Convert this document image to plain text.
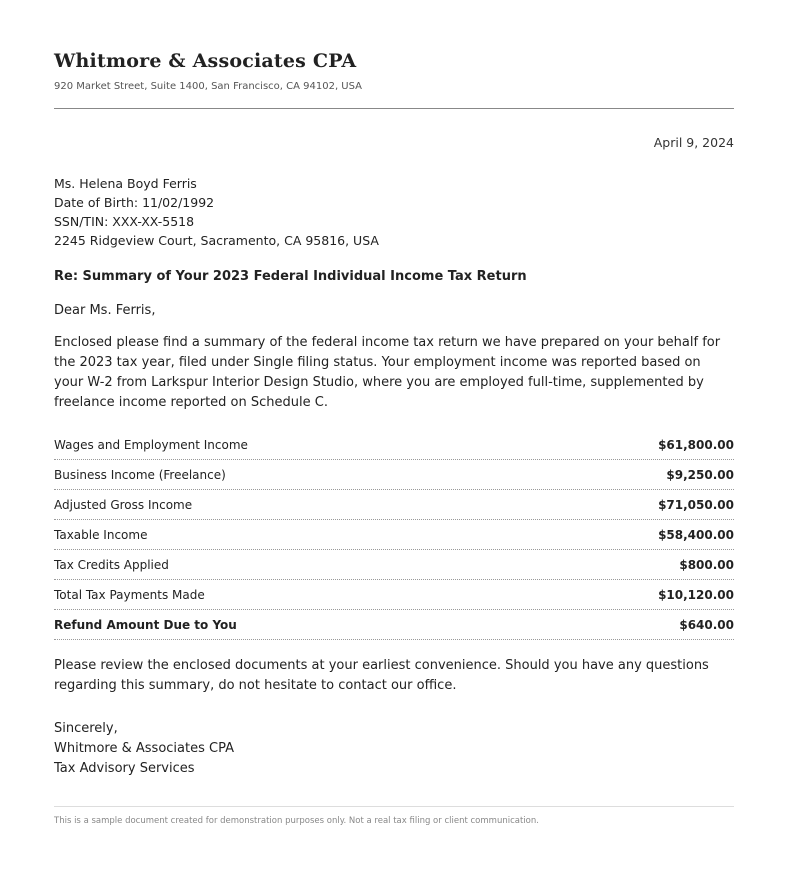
Whitmore & Associates CPA
920 Market Street, Suite 1400, San Francisco, CA 94102, USA
April 9, 2024
Ms. Helena Boyd Ferris
Date of Birth: 11/02/1992
SSN/TIN: XXX-XX-5518
2245 Ridgeview Court, Sacramento, CA 95816, USA
Re: Summary of Your 2023 Federal Individual Income Tax Return
Dear Ms. Ferris,

Enclosed please find a summary of the federal income tax return we have prepared on your behalf for the 2023 tax year, filed under Single filing status. Your employment income was reported based on your W-2 from Larkspur Interior Design Studio, where you are employed full-time, supplemented by freelance income reported on Schedule C.

Wages and Employment Income	$61,800.00
Business Income (Freelance)	$9,250.00
Adjusted Gross Income	$71,050.00
Taxable Income	$58,400.00
Tax Credits Applied	$800.00
Total Tax Payments Made	$10,120.00
Refund Amount Due to You	$640.00

Please review the enclosed documents at your earliest convenience. Should you have any questions regarding this summary, do not hesitate to contact our office.

Sincerely,
Whitmore & Associates CPA
Tax Advisory Services
This is a sample document created for demonstration purposes only. Not a real tax filing or client communication.
